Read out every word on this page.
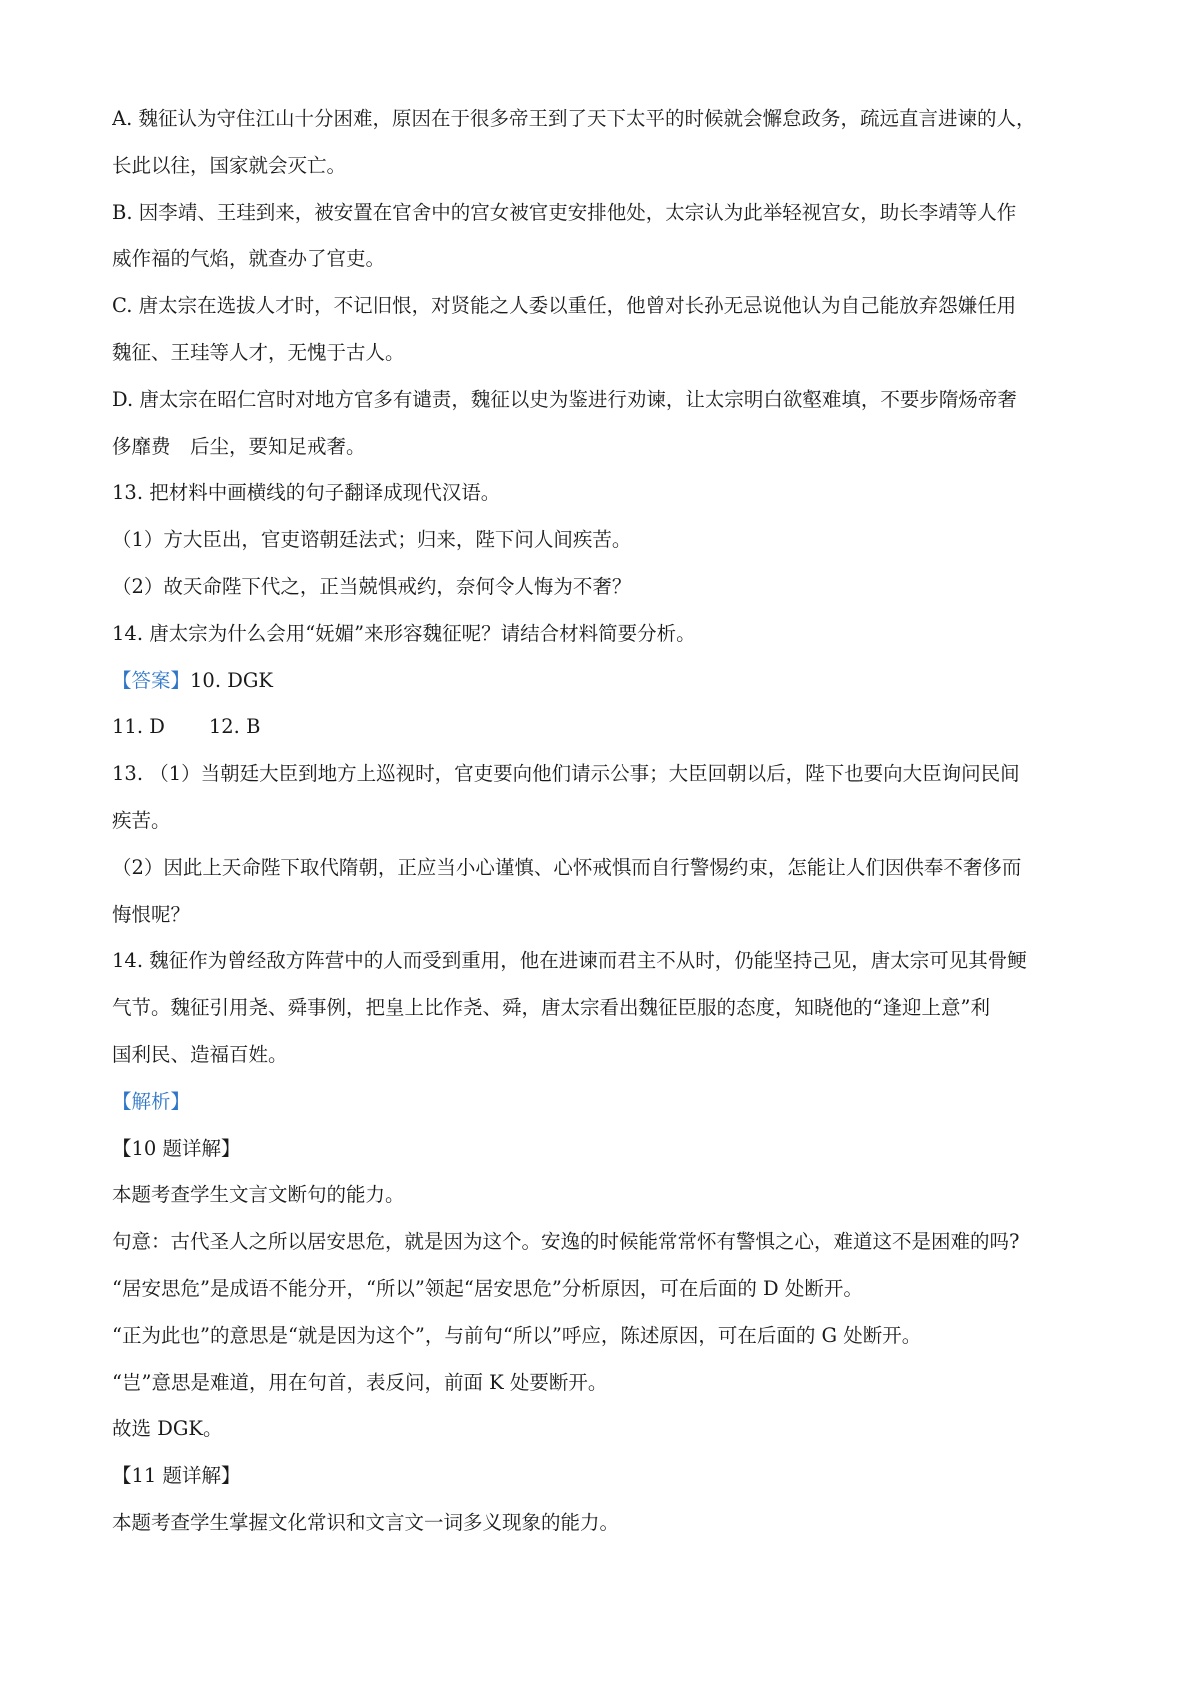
A. 魏征认为守住江山十分困难，原因在于很多帝王到了天下太平的时候就会懈怠政务，疏远直言进谏的人，
长此以往，国家就会灭亡。
B. 因李靖、王珪到来，被安置在官舍中的宫女被官吏安排他处，太宗认为此举轻视宫女，助长李靖等人作
威作福的气焰，就查办了官吏。
C. 唐太宗在选拔人才时，不记旧恨，对贤能之人委以重任，他曾对长孙无忌说他认为自己能放弃怨嫌任用
魏征、王珪等人才，无愧于古人。
D. 唐太宗在昭仁宫时对地方官多有谴责，魏征以史为鉴进行劝谏，让太宗明白欲壑难填，不要步隋炀帝奢
侈靡费　后尘，要知足戒奢。
13. 把材料中画横线的句子翻译成现代汉语。
（1）方大臣出，官吏谘朝廷法式；归来，陛下问人间疾苦。
（2）故天命陛下代之，正当兢惧戒约，奈何令人悔为不奢？
14. 唐太宗为什么会用“妩媚”来形容魏征呢？请结合材料简要分析。
【答案】10. DGK
11. D 12. B
13. （1）当朝廷大臣到地方上巡视时，官吏要向他们请示公事；大臣回朝以后，陛下也要向大臣询问民间
疾苦。
（2）因此上天命陛下取代隋朝，正应当小心谨慎、心怀戒惧而自行警惕约束，怎能让人们因供奉不奢侈而
悔恨呢？
14. 魏征作为曾经敌方阵营中的人而受到重用，他在进谏而君主不从时，仍能坚持己见，唐太宗可见其骨鲠
气节。魏征引用尧、舜事例，把皇上比作尧、舜，唐太宗看出魏征臣服的态度，知晓他的“逢迎上意”利
国利民、造福百姓。
【解析】
【10 题详解】
本题考查学生文言文断句的能力。
句意：古代圣人之所以居安思危，就是因为这个。安逸的时候能常常怀有警惧之心，难道这不是困难的吗?
“居安思危”是成语不能分开，“所以”领起“居安思危”分析原因，可在后面的 D 处断开。
“正为此也”的意思是“就是因为这个”，与前句“所以”呼应，陈述原因，可在后面的 G 处断开。
“岂”意思是难道，用在句首，表反问，前面 K 处要断开。
故选 DGK。
【11 题详解】
本题考查学生掌握文化常识和文言文一词多义现象的能力。
